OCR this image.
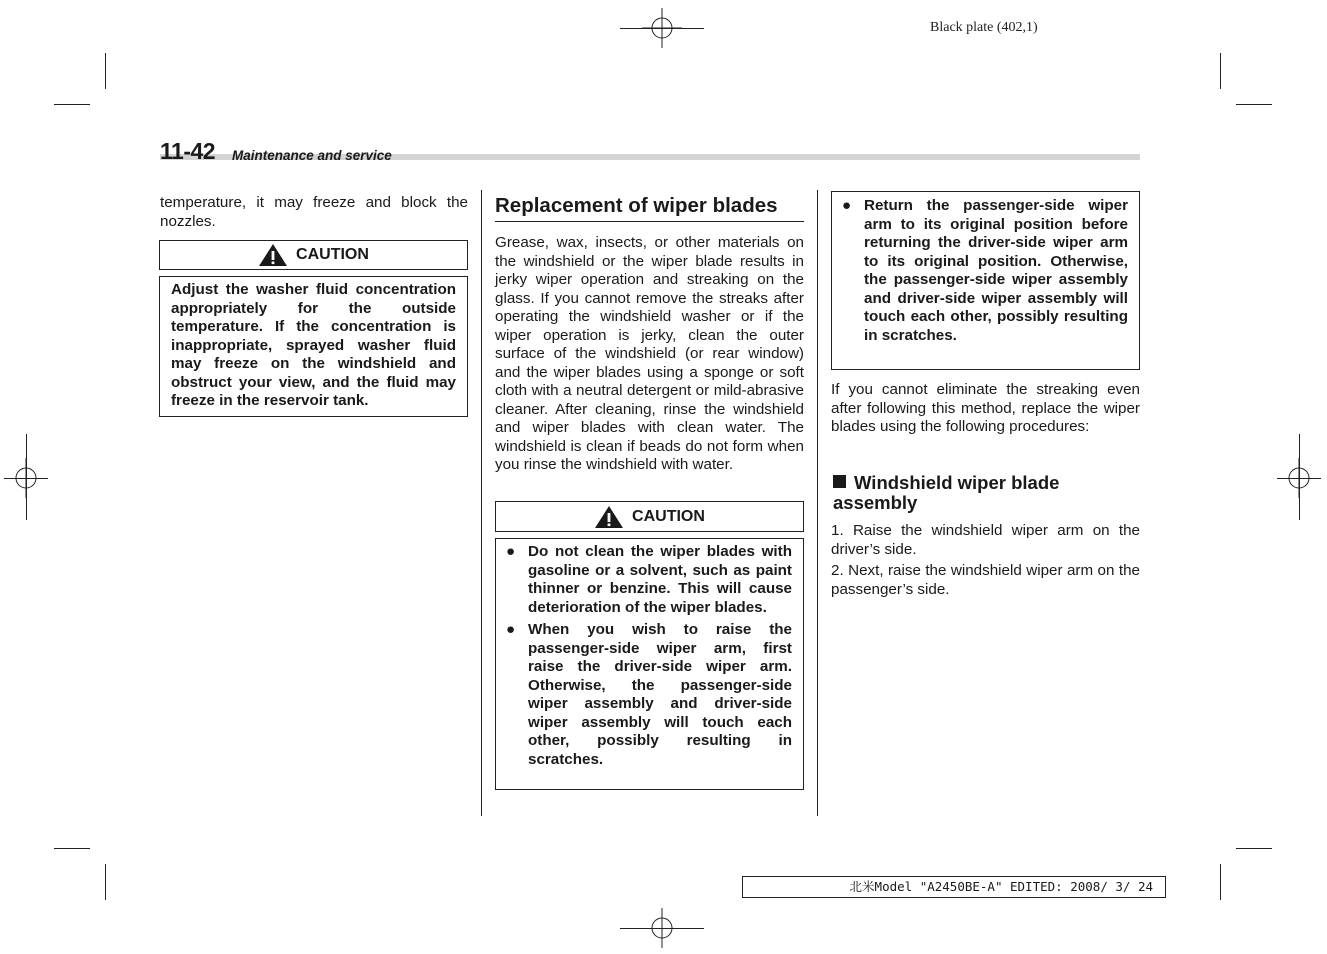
Black plate (402,1)
11-42 Maintenance and service
temperature, it may freeze and block the nozzles.
CAUTION
Adjust the washer fluid concentration appropriately for the outside temperature. If the concentration is inappropriate, sprayed washer fluid may freeze on the windshield and obstruct your view, and the fluid may freeze in the reservoir tank.
Replacement of wiper blades
Grease, wax, insects, or other materials on the windshield or the wiper blade results in jerky wiper operation and streaking on the glass. If you cannot remove the streaks after operating the windshield washer or if the wiper operation is jerky, clean the outer surface of the windshield (or rear window) and the wiper blades using a sponge or soft cloth with a neutral detergent or mild-abrasive cleaner. After cleaning, rinse the windshield and wiper blades with clean water. The windshield is clean if beads do not form when you rinse the windshield with water.
CAUTION
● Do not clean the wiper blades with gasoline or a solvent, such as paint thinner or benzine. This will cause deterioration of the wiper blades.
● When you wish to raise the passenger-side wiper arm, first raise the driver-side wiper arm. Otherwise, the passenger-side wiper assembly and driver-side wiper assembly will touch each other, possibly resulting in scratches.
● Return the passenger-side wiper arm to its original position before returning the driver-side wiper arm to its original position. Otherwise, the passenger-side wiper assembly and driver-side wiper assembly will touch each other, possibly resulting in scratches.
If you cannot eliminate the streaking even after following this method, replace the wiper blades using the following procedures:
Windshield wiper blade assembly
1. Raise the windshield wiper arm on the driver’s side.
2. Next, raise the windshield wiper arm on the passenger’s side.
北米Model "A2450BE-A" EDITED: 2008/ 3/ 24
